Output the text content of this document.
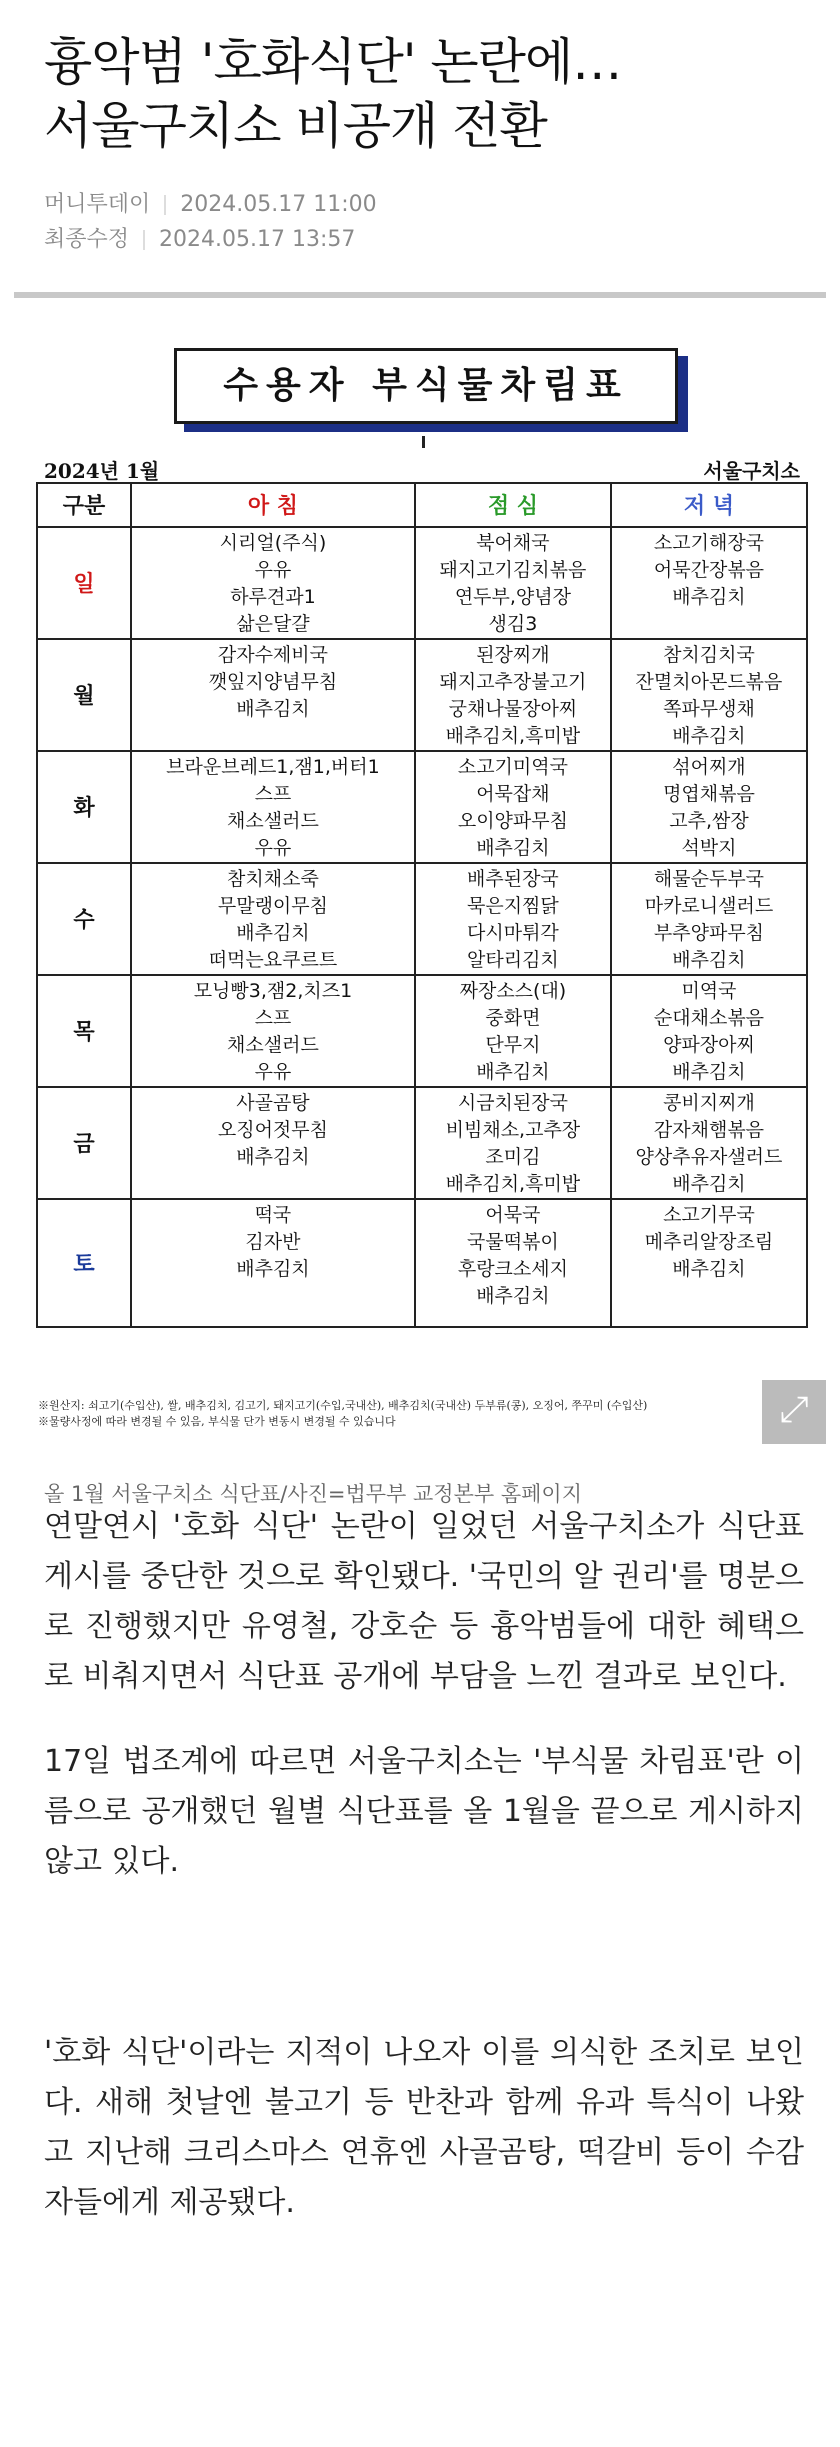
흉악범 '호화식단' 논란에…
서울구치소 비공개 전환
머니투데이 2024.05.17 11:00
최종수정 2024.05.17 13:57
수용자 부식물차림표
2024년 1월	서울구치소
구분	아 침	점 심	저 녁
일	시리얼(주식)
우유
하루견과1
삶은달걀	북어채국
돼지고기김치볶음
연두부,양념장
생김3	소고기해장국
어묵간장볶음
배추김치

월	감자수제비국
깻잎지양념무침
배추김치	된장찌개
돼지고추장불고기
궁채나물장아찌
배추김치,흑미밥	참치김치국
잔멸치아몬드볶음
쪽파무생채
배추김치

화	브라운브레드1,잼1,버터1
스프
채소샐러드
우유	소고기미역국
어묵잡채
오이양파무침
배추김치	섞어찌개
명엽채볶음
고추,쌈장
석박지

수	참치채소죽
무말랭이무침
배추김치
떠먹는요쿠르트	배추된장국
묵은지찜닭
다시마튀각
알타리김치	해물순두부국
마카로니샐러드
부추양파무침
배추김치

목	모닝빵3,잼2,치즈1
스프
채소샐러드
우유	짜장소스(대)
중화면
단무지
배추김치	미역국
순대채소볶음
양파장아찌
배추김치

금	사골곰탕
오징어젓무침
배추김치	시금치된장국
비빔채소,고추장
조미김
배추김치,흑미밥	콩비지찌개
감자채햄볶음
양상추유자샐러드
배추김치

토	떡국
김자반
배추김치	어묵국
국물떡볶이
후랑크소세지
배추김치	소고기무국
메추리알장조림
배추김치
※원산지: 쇠고기(수입산), 쌀, 배추김치, 김고기, 돼지고기(수입,국내산), 배추김치(국내산) 두부류(콩), 오징어, 쭈꾸미 (수입산)
※물량사정에 따라 변경될 수 있음, 부식물 단가 변동시 변경될 수 있습니다	⤢
올 1월 서울구치소 식단표/사진=법무부 교정본부 홈페이지
연말연시 '호화 식단' 논란이 일었던 서울구치소가 식단표 게시를 중단한 것으로 확인됐다. '국민의 알 권리'를 명분으로 진행했지만 유영철, 강호순 등 흉악범들에 대한 혜택으로 비춰지면서 식단표 공개에 부담을 느낀 결과로 보인다.
17일 법조계에 따르면 서울구치소는 '부식물 차림표'란 이름으로 공개했던 월별 식단표를 올 1월을 끝으로 게시하지 않고 있다.
'호화 식단'이라는 지적이 나오자 이를 의식한 조치로 보인다. 새해 첫날엔 불고기 등 반찬과 함께 유과 특식이 나왔고 지난해 크리스마스 연휴엔 사골곰탕, 떡갈비 등이 수감자들에게 제공됐다.
